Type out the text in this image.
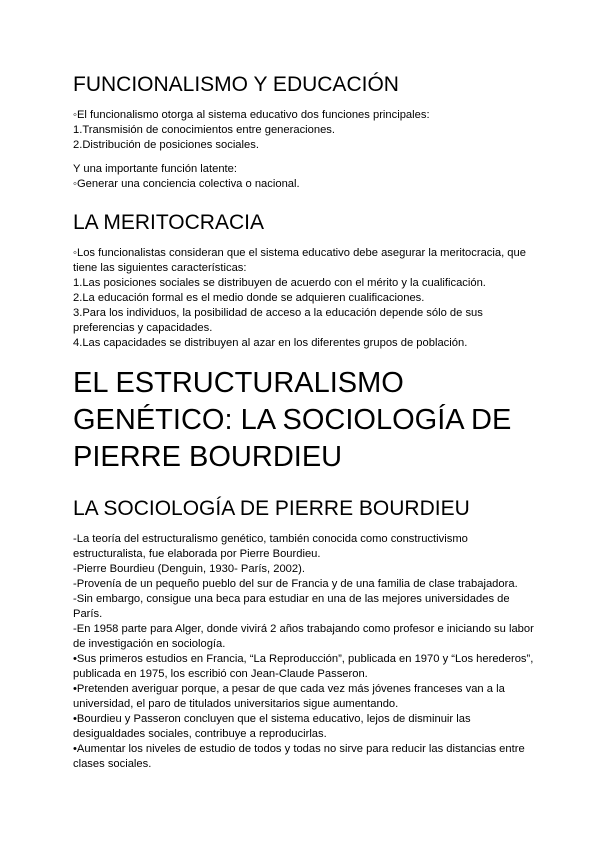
FUNCIONALISMO Y EDUCACIÓN

◦El funcionalismo otorga al sistema educativo dos funciones principales:

1.Transmisión de conocimientos entre generaciones.

2.Distribución de posiciones sociales.

Y una importante función latente:

◦Generar una conciencia colectiva o nacional.

LA MERITOCRACIA

◦Los funcionalistas consideran que el sistema educativo debe asegurar la meritocracia, que tiene las siguientes características:

1.Las posiciones sociales se distribuyen de acuerdo con el mérito y la cualificación.

2.La educación formal es el medio donde se adquieren cualificaciones.

3.Para los individuos, la posibilidad de acceso a la educación depende sólo de sus preferencias y capacidades.

4.Las capacidades se distribuyen al azar en los diferentes grupos de población.

EL ESTRUCTURALISMO GENÉTICO: LA SOCIOLOGÍA DE PIERRE BOURDIEU
LA SOCIOLOGÍA DE PIERRE BOURDIEU

-La teoría del estructuralismo genético, también conocida como constructivismo estructuralista, fue elaborada por Pierre Bourdieu.

-Pierre Bourdieu (Denguin, 1930- París, 2002).

-Provenía de un pequeño pueblo del sur de Francia y de una familia de clase trabajadora.

-Sin embargo, consigue una beca para estudiar en una de las mejores universidades de París.

-En 1958 parte para Alger, donde vivirá 2 años trabajando como profesor e iniciando su labor de investigación en sociología.

•Sus primeros estudios en Francia, “La Reproducción”, publicada en 1970 y “Los herederos”, publicada en 1975, los escribió con Jean-Claude Passeron.

•Pretenden averiguar porque, a pesar de que cada vez más jóvenes franceses van a la universidad, el paro de titulados universitarios sigue aumentando.

•Bourdieu y Passeron concluyen que el sistema educativo, lejos de disminuir las desigualdades sociales, contribuye a reproducirlas.

•Aumentar los niveles de estudio de todos y todas no sirve para reducir las distancias entre clases sociales.
